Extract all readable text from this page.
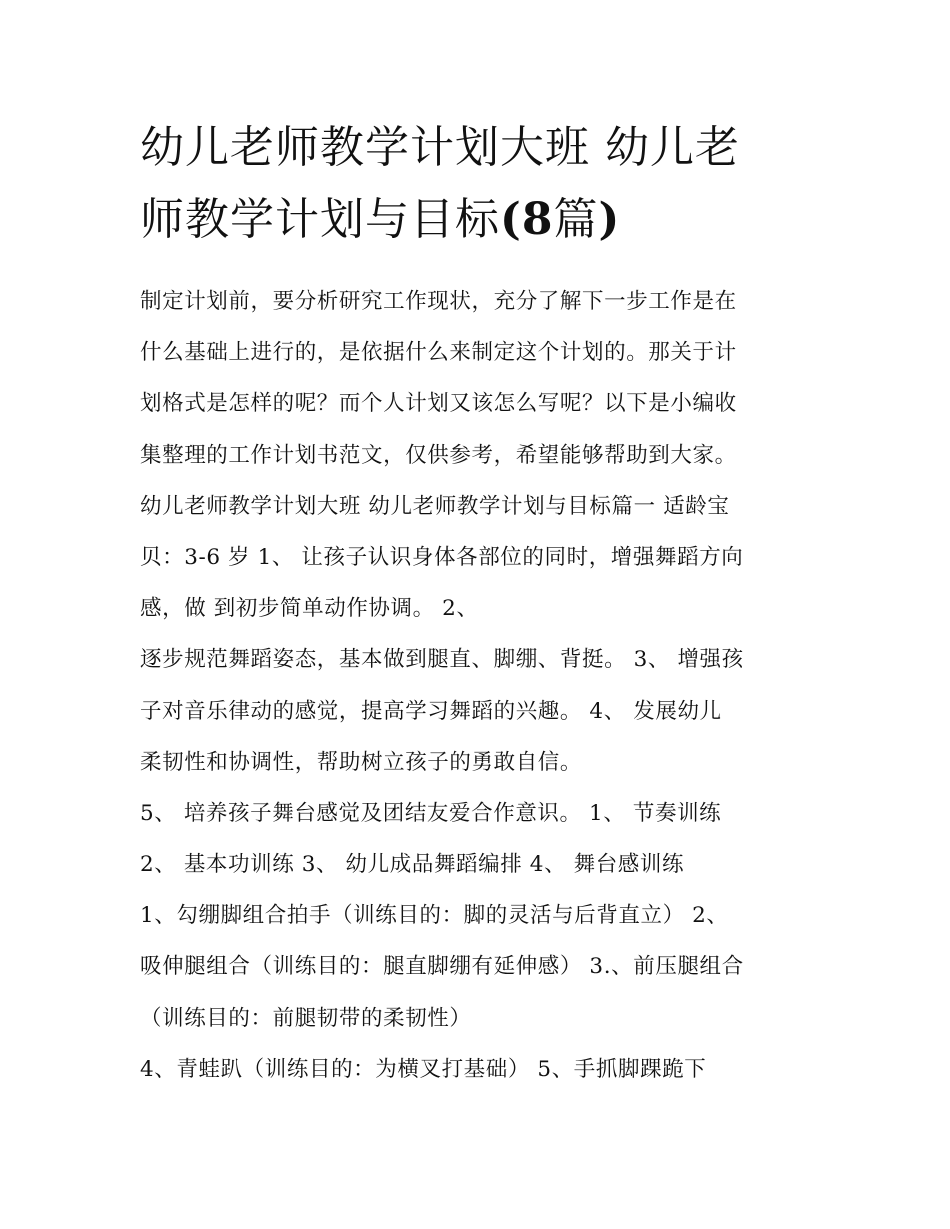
幼儿老师教学计划大班 幼儿老
师教学计划与目标(8篇)
制定计划前，要分析研究工作现状，充分了解下一步工作是在
什么基础上进行的，是依据什么来制定这个计划的。那关于计
划格式是怎样的呢？而个人计划又该怎么写呢？以下是小编收
集整理的工作计划书范文，仅供参考，希望能够帮助到大家。
幼儿老师教学计划大班 幼儿老师教学计划与目标篇一 适龄宝
贝：3-6 岁 1、 让孩子认识身体各部位的同时，增强舞蹈方向
感，做 到初步简单动作协调。 2、
逐步规范舞蹈姿态，基本做到腿直、脚绷、背挺。 3、 增强孩
子对音乐律动的感觉，提高学习舞蹈的兴趣。 4、 发展幼儿
柔韧性和协调性，帮助树立孩子的勇敢自信。
5、 培养孩子舞台感觉及团结友爱合作意识。 1、 节奏训练
2、 基本功训练 3、 幼儿成品舞蹈编排 4、 舞台感训练
1、勾绷脚组合拍手（训练目的：脚的灵活与后背直立） 2、
吸伸腿组合（训练目的：腿直脚绷有延伸感） 3.、前压腿组合
（训练目的：前腿韧带的柔韧性）
4、青蛙趴（训练目的：为横叉打基础） 5、手抓脚踝跪下
